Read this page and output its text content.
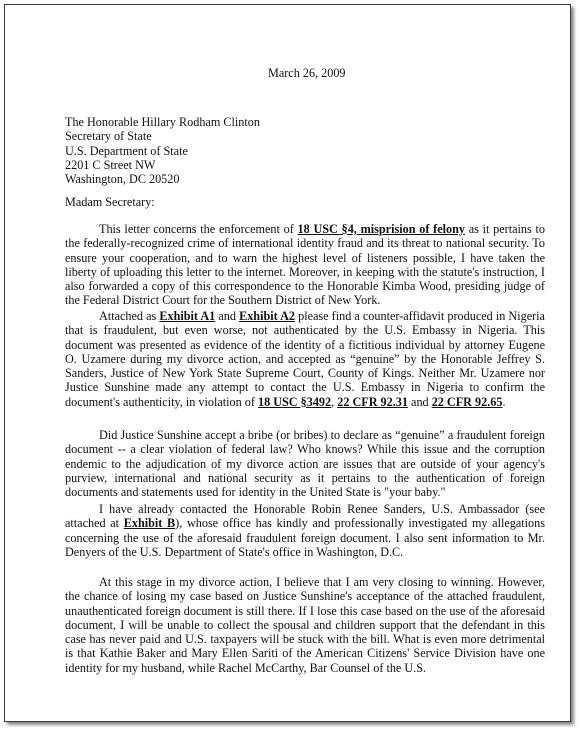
March 26, 2009
The Honorable Hillary Rodham Clinton
Secretary of State
U.S. Department of State
2201 C Street NW
Washington, DC 20520
Madam Secretary:

This letter concerns the enforcement of 18 USC §4, misprision of felony as it pertains to the federally-recognized crime of international identity fraud and its threat to national security. To ensure your cooperation, and to warn the highest level of listeners possible, I have taken the liberty of uploading this letter to the internet. Moreover, in keeping with the statute's instruction, I also forwarded a copy of this correspondence to the Honorable Kimba Wood, presiding judge of the Federal District Court for the Southern District of New York.

Attached as Exhibit A1 and Exhibit A2 please find a counter-affidavit produced in Nigeria that is fraudulent, but even worse, not authenticated by the U.S. Embassy in Nigeria. This document was presented as evidence of the identity of a fictitious individual by attorney Eugene O. Uzamere during my divorce action, and accepted as “genuine” by the Honorable Jeffrey S. Sanders, Justice of New York State Supreme Court, County of Kings. Neither Mr. Uzamere nor Justice Sunshine made any attempt to contact the U.S. Embassy in Nigeria to confirm the document's authenticity, in violation of 18 USC §3492, 22 CFR 92.31 and 22 CFR 92.65.

Did Justice Sunshine accept a bribe (or bribes) to declare as “genuine” a fraudulent foreign document -- a clear violation of federal law? Who knows? While this issue and the corruption endemic to the adjudication of my divorce action are issues that are outside of your agency's purview, international and national security as it pertains to the authentication of foreign documents and statements used for identity in the United State is "your baby."

I have already contacted the Honorable Robin Renee Sanders, U.S. Ambassador (see attached at Exhibit B), whose office has kindly and professionally investigated my allegations concerning the use of the aforesaid fraudulent foreign document. I also sent information to Mr. Denyers of the U.S. Department of State's office in Washington, D.C.

At this stage in my divorce action, I believe that I am very closing to winning. However, the chance of losing my case based on Justice Sunshine's acceptance of the attached fraudulent, unauthenticated foreign document is still there. If I lose this case based on the use of the aforesaid document, I will be unable to collect the spousal and children support that the defendant in this case has never paid and U.S. taxpayers will be stuck with the bill. What is even more detrimental is that Kathie Baker and Mary Ellen Sariti of the American Citizens' Service Division have one identity for my husband, while Rachel McCarthy, Bar Counsel of the U.S.
